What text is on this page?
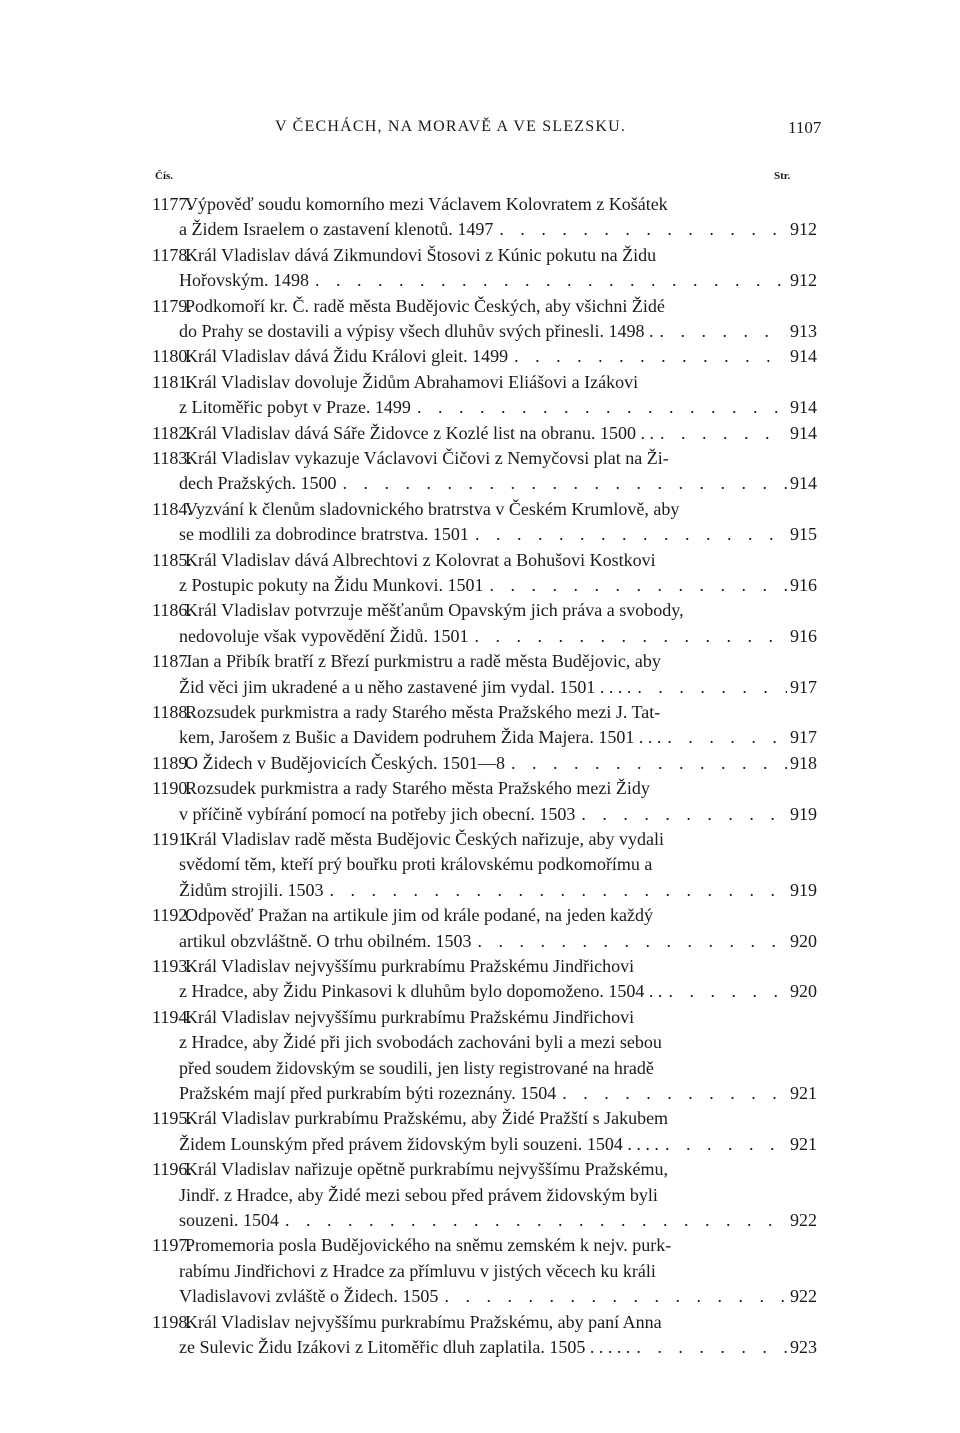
V ČECHÁCH, NA MORAVĚ A VE SLEZSKU.	1107
Čís.	Str.
1177.
Výpověď soudu komorního mezi Václavem Kolovratem z Košátek
a Židem Israelem o zastavení klenotů. 1497 . . .	912
1178.
Král Vladislav dává Zikmundovi Štosovi z Kúnic pokutu na Židu
Hořovským. 1498 . . .	912
1179.
Podkomoří kr. Č. radě města Budějovic Českých, aby všichni Židé
do Prahy se dostavili a výpisy všech dluhův svých přinesli. 1498 . . . .	913
1180.
Král Vladislav dává Židu Královi gleit. 1499 . . .	914
1181.
Král Vladislav dovoluje Židům Abrahamovi Eliášovi a Izákovi
z Litoměřic pobyt v Praze. 1499 . . .	914
1182.
Král Vladislav dává Sáře Židovce z Kozlé list na obranu. 1500 . . . . .	914
1183.
Král Vladislav vykazuje Václavovi Čičovi z Nemyčovsi plat na Ži-
dech Pražských. 1500 . . .	914
1184.
Vyzvání k členům sladovnického bratrstva v Českém Krumlově, aby
se modlili za dobrodince bratrstva. 1501 . . .	915
1185.
Král Vladislav dává Albrechtovi z Kolovrat a Bohušovi Kostkovi
z Postupic pokuty na Židu Munkovi. 1501 . . .	916
1186.
Král Vladislav potvrzuje měšťanům Opavským jich práva a svobody,
nedovoluje však vypovědění Židů. 1501 . . .	916
1187.
Jan a Přibík bratří z Březí purkmistru a radě města Budějovic, aby
Žid věci jim ukradené a u něho zastavené jim vydal. 1501 . . . . . . .	917
1188.
Rozsudek purkmistra a rady Starého města Pražského mezi J. Tat-
kem, Jarošem z Bušic a Davidem podruhem Žida Majera. 1501 . . . . . .	917
1189.
O Židech v Budějovicích Českých. 1501—8 . . .	918
1190.
Rozsudek purkmistra a rady Starého města Pražského mezi Židy
v příčině vybírání pomocí na potřeby jich obecní. 1503 . . .	919
1191.
Král Vladislav radě města Budějovic Českých nařizuje, aby vydali
svědomí těm, kteří prý bouřku proti královskému podkomořímu a
Židům strojili. 1503 . . .	919
1192.
Odpověď Pražan na artikule jim od krále podané, na jeden každý
artikul obzvláštně. O trhu obilném. 1503 . . .	920
1193.
Král Vladislav nejvyššímu purkrabímu Pražskému Jindřichovi
z Hradce, aby Židu Pinkasovi k dluhům bylo dopomoženo. 1504 . . . . .	920
1194.
Král Vladislav nejvyššímu purkrabímu Pražskému Jindřichovi
z Hradce, aby Židé při jich svobodách zachováni byli a mezi sebou
před soudem židovským se soudili, jen listy registrované na hradě
Pražském mají před purkrabím býti rozeznány. 1504 . . .	921
1195.
Král Vladislav purkrabímu Pražskému, aby Židé Pražští s Jakubem
Židem Lounským před právem židovským byli souzeni. 1504 . . . . . . .	921
1196.
Král Vladislav nařizuje opětně purkrabímu nejvyššímu Pražskému,
Jindř. z Hradce, aby Židé mezi sebou před právem židovským byli
souzeni. 1504 . . .	922
1197.
Promemoria posla Budějovického na sněmu zemském k nejv. purk-
rabímu Jindřichovi z Hradce za přímluvu v jistých věcech ku králi
Vladislavovi zvláště o Židech. 1505 . . .	922
1198.
Král Vladislav nejvyššímu purkrabímu Pražskému, aby paní Anna
ze Sulevic Židu Izákovi z Litoměřic dluh zaplatila. 1505 . . . . . . . .	923
